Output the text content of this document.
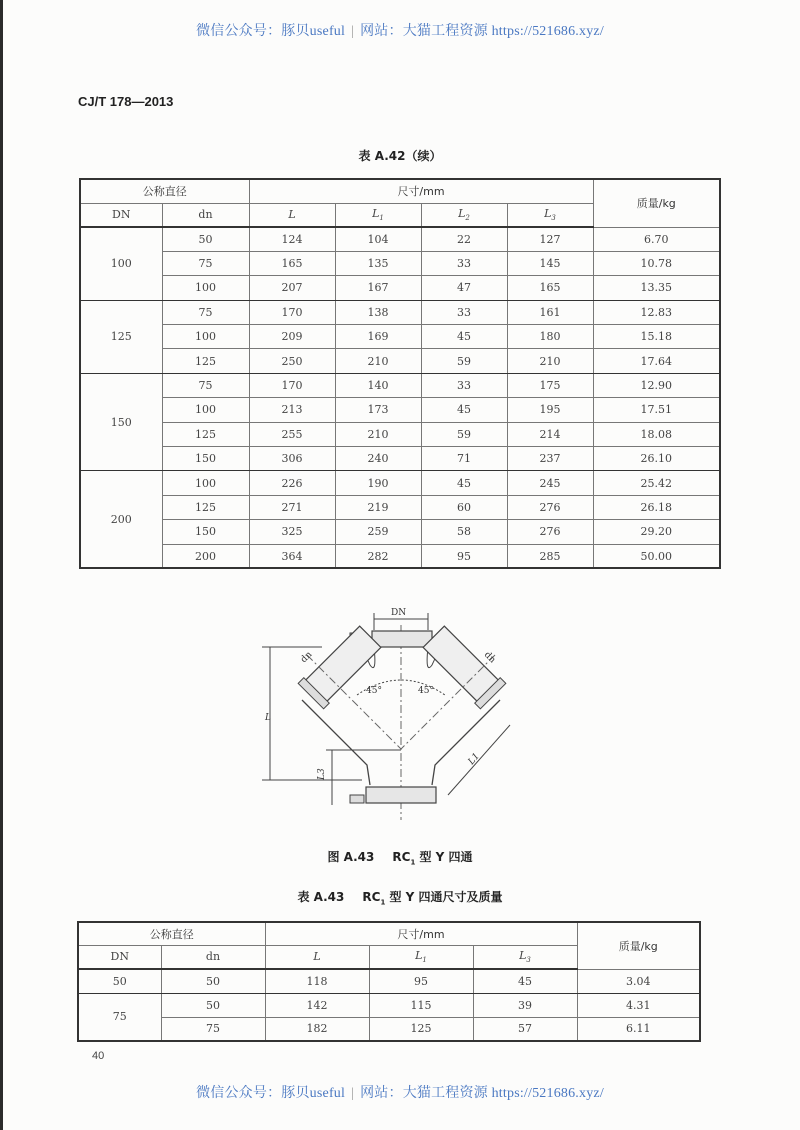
微信公众号：豚贝useful | 网站：大猫工程资源 https://521686.xyz/
CJ/T 178—2013
表 A.42（续）
公称直径		尺寸/mm				质量/kg
DN	dn	L	$L_1$	$L_2$	$L_3$
100	50	124	104	22	127	6.70
	75	165	135	33	145	10.78
	100	207	167	47	165	13.35
125	75	170	138	33	161	12.83
	100	209	169	45	180	15.18
	125	250	210	59	210	17.64
150	75	170	140	33	175	12.90
	100	213	173	45	195	17.51
	125	255	210	59	214	18.08
	150	306	240	71	237	26.10
200	100	226	190	45	245	25.42
	125	271	219	60	276	26.18
	150	325	259	58	276	29.20
	200	364	282	95	285	50.00
DN
45°	45°
dn	dn
L
L1
L3
图 A.43 $RC_1$ 型 Y 四通
表 A.43 $RC_1$ 型 Y 四通尺寸及质量
公称直径		尺寸/mm			质量/kg
DN	dn	L	$L_1$	$L_3$
50	50	118	95	45	3.04
75	50	142	115	39	4.31
	75	182	125	57	6.11
40
微信公众号：豚贝useful | 网站：大猫工程资源 https://521686.xyz/
